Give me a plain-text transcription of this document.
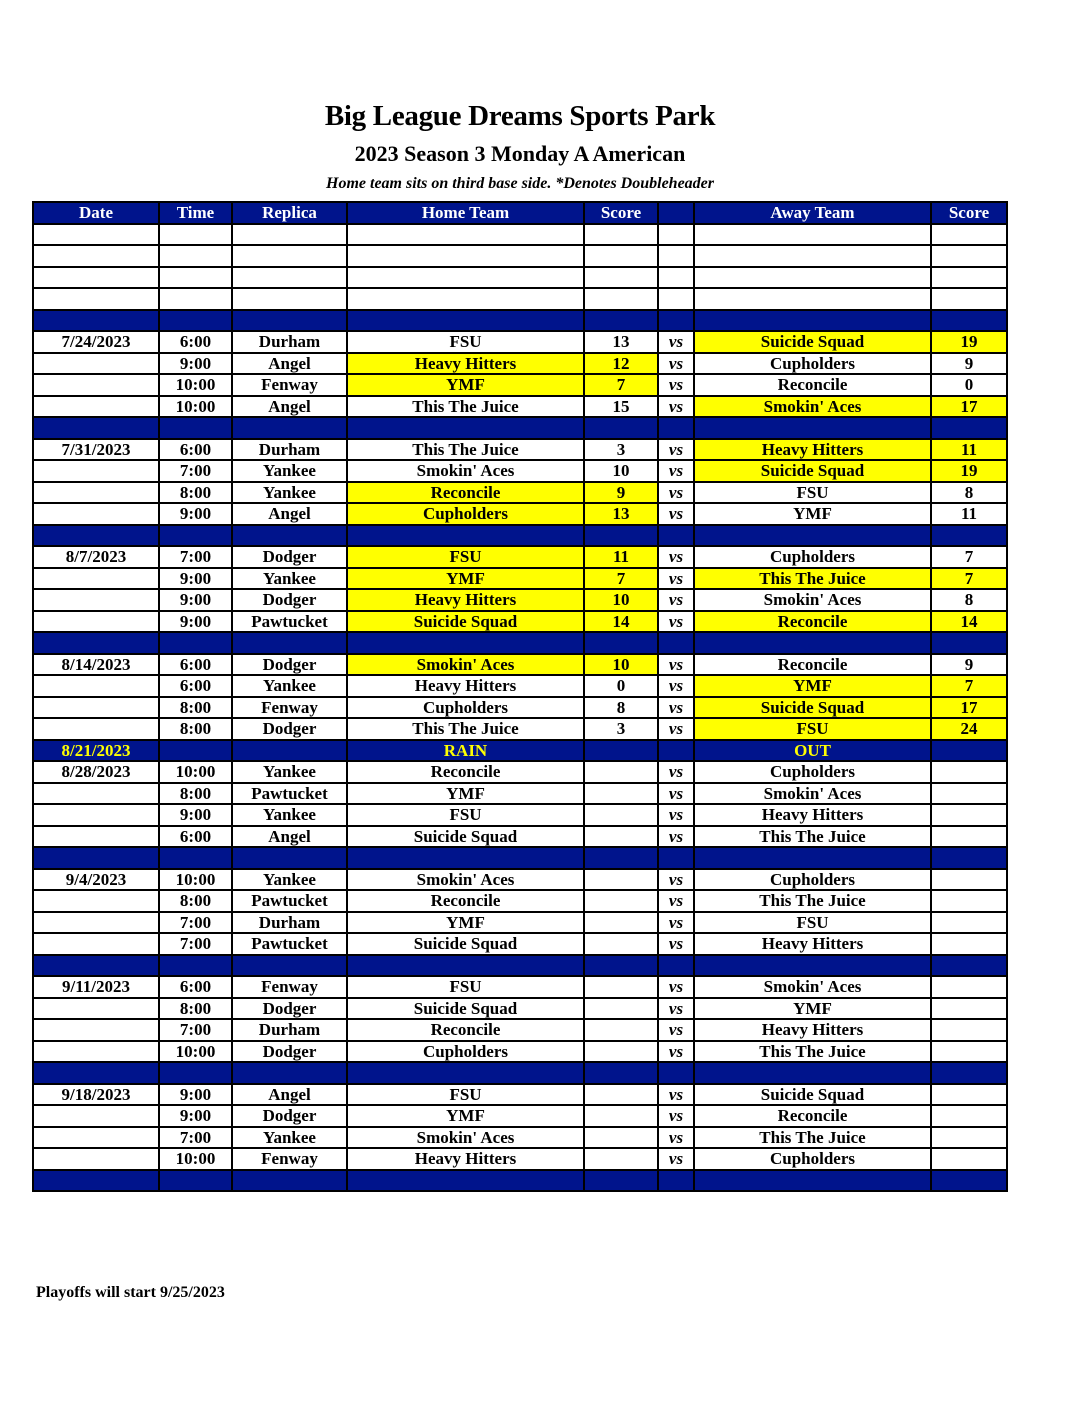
Big League Dreams Sports Park
2023 Season 3 Monday A American
Home team sits on third base side. *Denotes Doubleheader
Date	Time	Replica	Home Team	Score		Away Team	Score

7/24/2023	6:00	Durham	FSU	13	vs	Suicide Squad	19
	9:00	Angel	Heavy Hitters	12	vs	Cupholders	9
	10:00	Fenway	YMF	7	vs	Reconcile	0
	10:00	Angel	This The Juice	15	vs	Smokin' Aces	17

7/31/2023	6:00	Durham	This The Juice	3	vs	Heavy Hitters	11
	7:00	Yankee	Smokin' Aces	10	vs	Suicide Squad	19
	8:00	Yankee	Reconcile	9	vs	FSU	8
	9:00	Angel	Cupholders	13	vs	YMF	11

8/7/2023	7:00	Dodger	FSU	11	vs	Cupholders	7
	9:00	Yankee	YMF	7	vs	This The Juice	7
	9:00	Dodger	Heavy Hitters	10	vs	Smokin' Aces	8
	9:00	Pawtucket	Suicide Squad	14	vs	Reconcile	14

8/14/2023	6:00	Dodger	Smokin' Aces	10	vs	Reconcile	9
	6:00	Yankee	Heavy Hitters	0	vs	YMF	7
	8:00	Fenway	Cupholders	8	vs	Suicide Squad	17
	8:00	Dodger	This The Juice	3	vs	FSU	24
8/21/2023			RAIN			OUT	
8/28/2023	10:00	Yankee	Reconcile		vs	Cupholders	
	8:00	Pawtucket	YMF		vs	Smokin' Aces	
	9:00	Yankee	FSU		vs	Heavy Hitters	
	6:00	Angel	Suicide Squad		vs	This The Juice	

9/4/2023	10:00	Yankee	Smokin' Aces		vs	Cupholders	
	8:00	Pawtucket	Reconcile		vs	This The Juice	
	7:00	Durham	YMF		vs	FSU	
	7:00	Pawtucket	Suicide Squad		vs	Heavy Hitters	

9/11/2023	6:00	Fenway	FSU		vs	Smokin' Aces	
	8:00	Dodger	Suicide Squad		vs	YMF	
	7:00	Durham	Reconcile		vs	Heavy Hitters	
	10:00	Dodger	Cupholders		vs	This The Juice	

9/18/2023	9:00	Angel	FSU		vs	Suicide Squad	
	9:00	Dodger	YMF		vs	Reconcile	
	7:00	Yankee	Smokin' Aces		vs	This The Juice	
	10:00	Fenway	Heavy Hitters		vs	Cupholders	

Playoffs will start 9/25/2023
